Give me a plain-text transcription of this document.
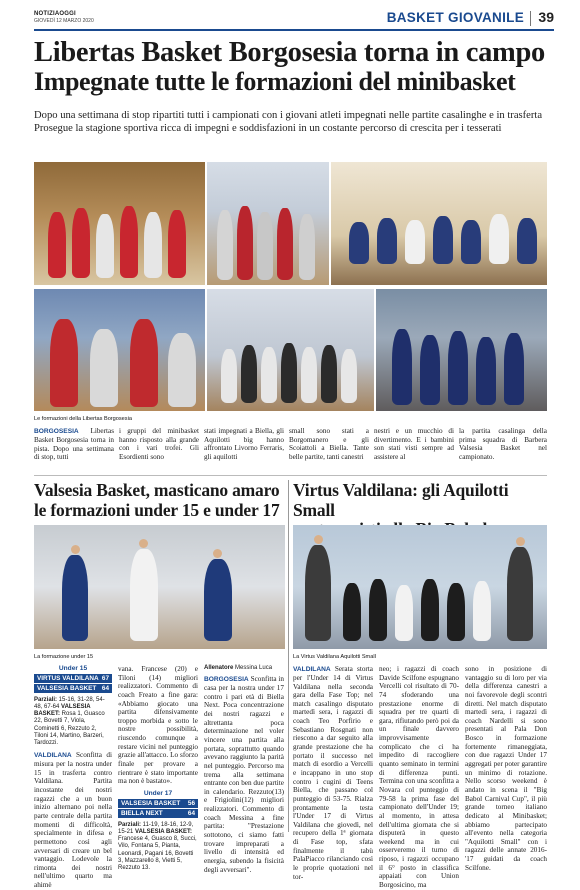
NOTIZIAOGGI
GIOVEDÌ 12 MARZO 2020	BASKET GIOVANILE 39
Libertas Basket Borgosesia torna in campo
Impegnate tutte le formazioni del minibasket

Dopo una settimana di stop ripartiti tutti i campionati con i giovani atleti impegnati nelle partite casalinghe e in trasferta Prosegue la stagione sportiva ricca di impegni e soddisfazioni in un costante percorso di crescita per i tesserati

Le formazioni della Libertas Borgosesia
BORGOSESIA Libertas Basket Borgosesia torna in pista. Dopo una settimana di stop, tutti
i gruppi del minibasket hanno risposto alla grande con i vari trofei. Gli Esordienti sono
stati impegnati a Biella, gli Aquilotti big hanno affrontato Livorno Ferraris, gli aquilotti
small sono stati a Borgomanero e gli Scoiattoli a Biella. Tante belle partite, tanti canestri
nestri e un mucchio di divertimento. E i bambini son stati visti sempre ad assistere al
la partita casalinga della prima squadra di Barbera Valsesia Basket nel campionato.
Valsesia Basket, masticano amaro
le formazioni under 15 e under 17
La formazione under 15
Under 15
VIRTUS VALDILANA 67
VALSESIA BASKET 64

Parziali: 15-16, 31-28, 54-48, 67-64 VALSESIA BASKET: Rosa 1, Guasco 22, Bovetti 7, Viola, Cominetti 6, Rezzuto 2, Tiloni 14, Martino, Barzeri, Tardozzi.

VALDILANA Sconfitta di misura per la nostra under 15 in trasferta contro Valdilana. Partita incostante dei nostri ragazzi che a un buon inizio alternano poi nella parte centrale della partita momenti di difficoltà, specialmente in difesa e permettono così agli avversari di creare un bel vantaggio. Lodevole la rimonta dei nostri nell'ultimo quarto ma ahimè

vana. Francese (20) e Tiloni (14) migliori realizzatori. Commento di coach Freato a fine gara: «Abbiamo giocato una partita difensivamente troppo morbida e sotto le nostre possibilità, riuscendo comunque a restare vicini nel punteggio grazie all'attacco. Lo sforzo finale per provare a rientrare è stato importante ma non è bastato».

Under 17
VALSESIA BASKET 56
BIELLA NEXT	64

Parziali: 11-19, 18-16, 12-9, 15-21 VALSESIA BASKET: Francese 4, Guasco 8, Succi, Vilo, Fontana 5, Pianta, Leonardi, Pagani 16, Bovetti 3, Mazzarello 8, Vietti 5, Rezzuto 13.

Allenatore Messina Luca

BORGOSESIA Sconfitta in casa per la nostra under 17 contro i pari età di Biella Next. Poca concentrazione dei nostri ragazzi e altrettanta poca determinazione nel voler vincere una partita alla portata, soprattutto quando avevano raggiunto la parità nel punteggio. Percorso ma trema alla settimana entrante con ben due partite in calendario. Rezzuto(13) e Frigiolini(12) migliori realizzatori. Commento di coach Messina a fine partita: "Prestazione sottotono, ci siamo fatti trovare impreparati a livello di intensità ed energia, subendo la fisicità degli avversari".

Virtus Valdilana: gli Aquilotti Small

La Virtus Valdilana Aquilotti Small
VALDILANA Serata storta per l'Under 14 di Virtus Valdilana nella seconda gara della Fase Top; nel match casalingo disputato martedì sera, i ragazzi di coach Teo Porfirio e Sebastiano Rosgnati non riescono a dar seguito alla grande prestazione che ha portato il successo nel match di esordio a Vercelli e incappano in uno stop contro i cugini di Teens Biella, che passano col punteggio di 53-75. Rialza prontamente la testa l'Under 17 di Virtus Valdilana che giovedì, nel recupero della 1ª giornata di Fase top, sfata finalmente il tabù PalaPiacco rilanciando così le proprie quotazioni nel tor-
neo; i ragazzi di coach Davide Scilfone espugnano Vercelli col risultato di 70-74 sfoderando una prestazione enorme di squadra per tre quarti di gara, rifiutando però poi da un finale davvero improvvisamente complicato che ci ha impedito di raccogliere quanto seminato in termini di differenza punti. Termina con una sconfitta a Novara col punteggio di 79-58 la prima fase del campionato dell'Under 19; al momento, in attesa dell'ultima giornata che si disputerà in questo weekend ma in cui osserveremo il turno di riposo, i ragazzi occupano il 6° posto in classifica appaiati con Union Borgosicino, ma
sono in posizione di vantaggio su di loro per via della differenza canestri a noi favorevole degli scontri diretti. Nel match disputato martedì sera, i ragazzi di coach Nardelli si sono presentati al Pala Don Bosco in formazione fortemente rimaneggiata, con due ragazzi Under 17 aggregati per poter garantire un minimo di rotazione. Nello scorso weekend è andato in scena il "Big Babol Carnival Cup", il più grande torneo italiano dedicato al Minibasket; abbiamo partecipato all'evento nella categoria "Aquilotti Small" con i ragazzi delle annate 2016-'17 guidati da coach Scilfone.
